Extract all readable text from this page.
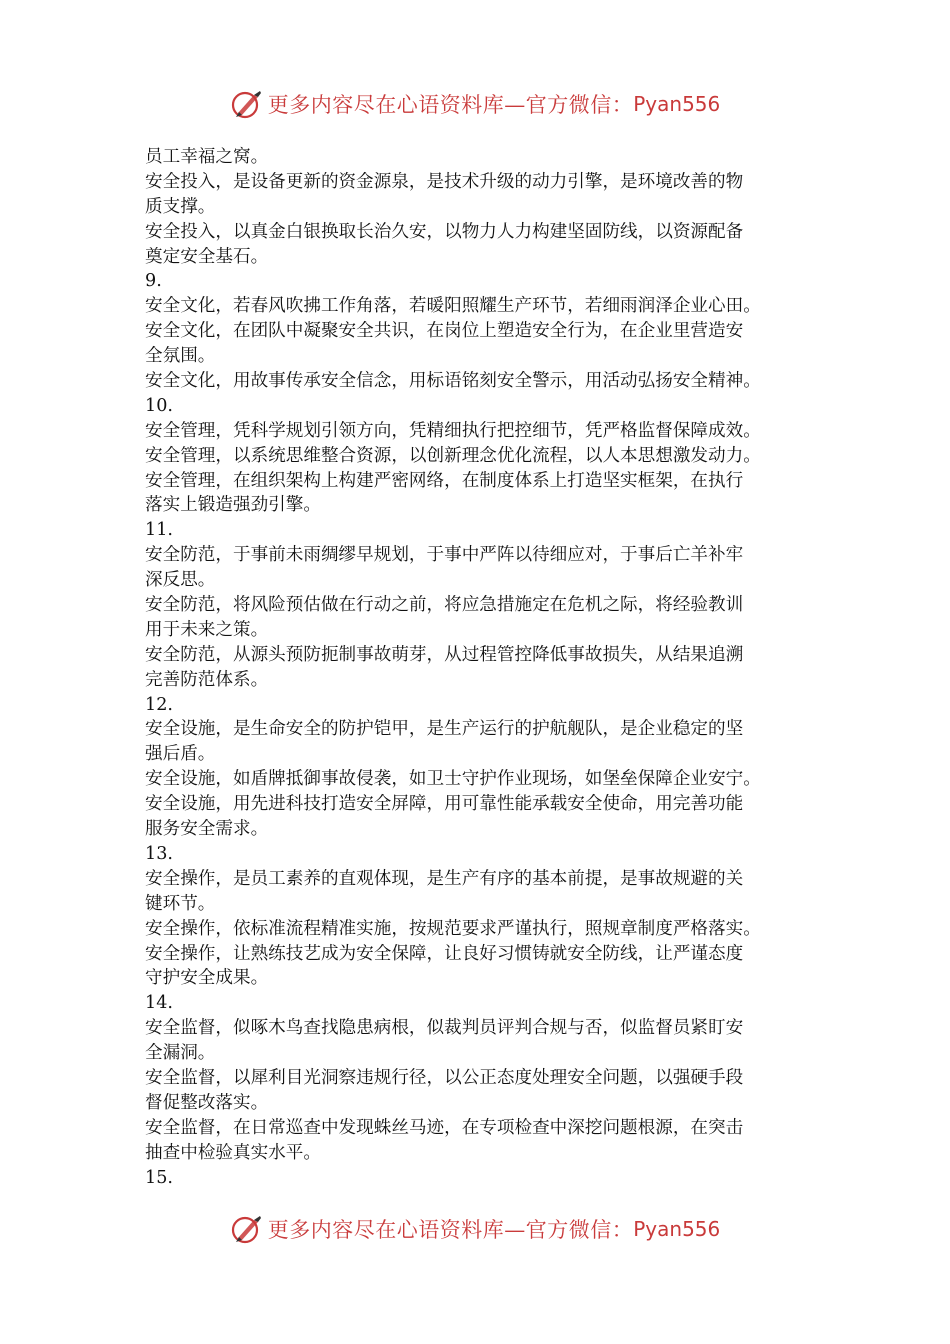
更多内容尽在心语资料库—官方微信： Pyan556
员工幸福之窝。
安全投入，是设备更新的资金源泉，是技术升级的动力引擎，是环境改善的物
质支撑。
安全投入，以真金白银换取长治久安，以物力人力构建坚固防线，以资源配备
奠定安全基石。
9.
安全文化，若春风吹拂工作角落，若暖阳照耀生产环节，若细雨润泽企业心田。
安全文化，在团队中凝聚安全共识，在岗位上塑造安全行为，在企业里营造安
全氛围。
安全文化，用故事传承安全信念，用标语铭刻安全警示，用活动弘扬安全精神。
10.
安全管理，凭科学规划引领方向，凭精细执行把控细节，凭严格监督保障成效。
安全管理，以系统思维整合资源，以创新理念优化流程，以人本思想激发动力。
安全管理，在组织架构上构建严密网络，在制度体系上打造坚实框架，在执行
落实上锻造强劲引擎。
11.
安全防范，于事前未雨绸缪早规划，于事中严阵以待细应对，于事后亡羊补牢
深反思。
安全防范，将风险预估做在行动之前，将应急措施定在危机之际，将经验教训
用于未来之策。
安全防范，从源头预防扼制事故萌芽，从过程管控降低事故损失，从结果追溯
完善防范体系。
12.
安全设施，是生命安全的防护铠甲，是生产运行的护航舰队，是企业稳定的坚
强后盾。
安全设施，如盾牌抵御事故侵袭，如卫士守护作业现场，如堡垒保障企业安宁。
安全设施，用先进科技打造安全屏障，用可靠性能承载安全使命，用完善功能
服务安全需求。
13.
安全操作，是员工素养的直观体现，是生产有序的基本前提，是事故规避的关
键环节。
安全操作，依标准流程精准实施，按规范要求严谨执行，照规章制度严格落实。
安全操作，让熟练技艺成为安全保障，让良好习惯铸就安全防线，让严谨态度
守护安全成果。
14.
安全监督，似啄木鸟查找隐患病根，似裁判员评判合规与否，似监督员紧盯安
全漏洞。
安全监督，以犀利目光洞察违规行径，以公正态度处理安全问题，以强硬手段
督促整改落实。
安全监督，在日常巡查中发现蛛丝马迹，在专项检查中深挖问题根源，在突击
抽查中检验真实水平。
15.
更多内容尽在心语资料库—官方微信： Pyan556
